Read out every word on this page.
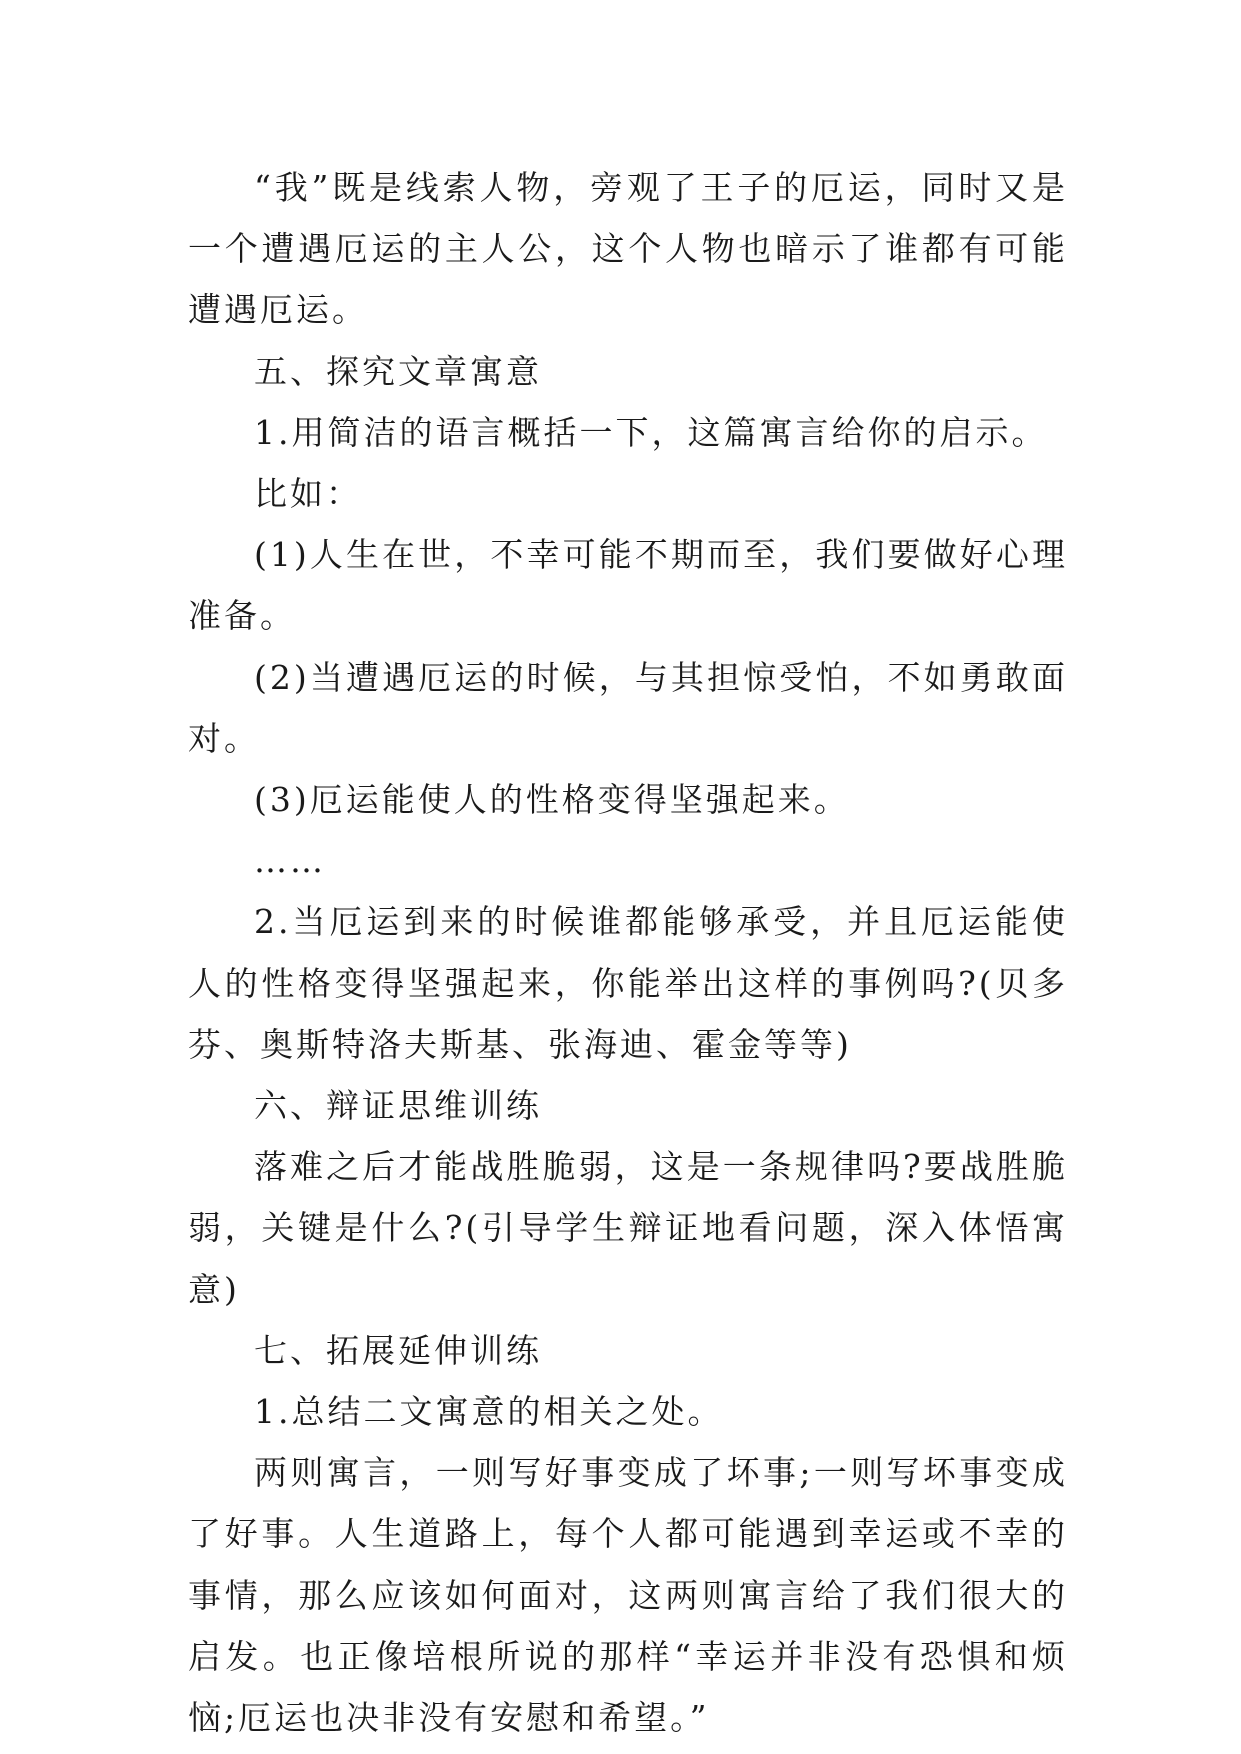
“我”既是线索人物，旁观了王子的厄运，同时又是一个遭遇厄运的主人公，这个人物也暗示了谁都有可能遭遇厄运。

五、探究文章寓意

1.用简洁的语言概括一下，这篇寓言给你的启示。

比如：

(1)人生在世，不幸可能不期而至，我们要做好心理准备。

(2)当遭遇厄运的时候，与其担惊受怕，不如勇敢面对。

(3)厄运能使人的性格变得坚强起来。

……

2.当厄运到来的时候谁都能够承受，并且厄运能使人的性格变得坚强起来，你能举出这样的事例吗?(贝多芬、奥斯特洛夫斯基、张海迪、霍金等等)

六、辩证思维训练

落难之后才能战胜脆弱，这是一条规律吗?要战胜脆弱，关键是什么?(引导学生辩证地看问题，深入体悟寓意)

七、拓展延伸训练

1.总结二文寓意的相关之处。

两则寓言，一则写好事变成了坏事;一则写坏事变成了好事。人生道路上，每个人都可能遇到幸运或不幸的事情，那么应该如何面对，这两则寓言给了我们很大的启发。也正像培根所说的那样“幸运并非没有恐惧和烦恼;厄运也决非没有安慰和希望。”
